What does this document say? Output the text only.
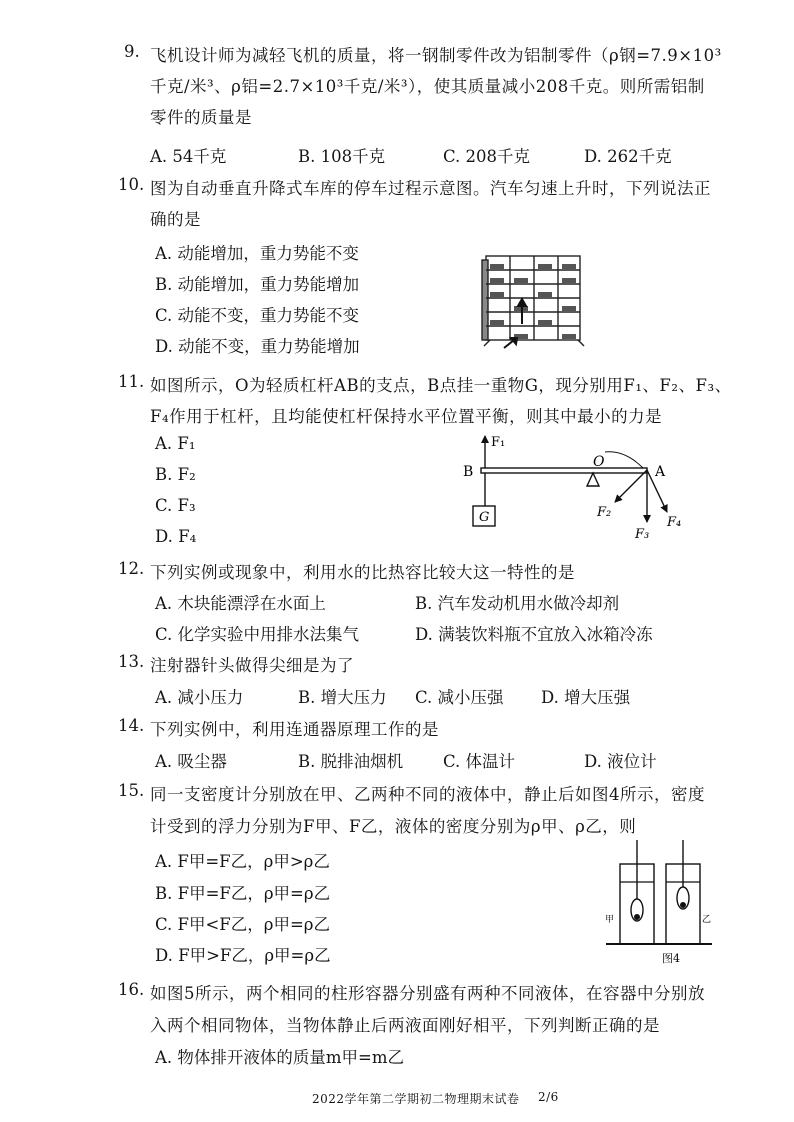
9. 飞机设计师为减轻飞机的质量，将一钢制零件改为铝制零件（ρ钢=7.9×10³
千克/米³、ρ铝=2.7×10³千克/米³），使其质量减小208千克。则所需铝制
零件的质量是
A. 54千克	B. 108千克	C. 208千克	D. 262千克
10. 图为自动垂直升降式车库的停车过程示意图。汽车匀速上升时，下列说法正
确的是
A. 动能增加，重力势能不变
B. 动能增加，重力势能增加
C. 动能不变，重力势能不变
D. 动能不变，重力势能增加
11. 如图所示，O为轻质杠杆AB的支点，B点挂一重物G，现分别用F₁、F₂、F₃、
F₄作用于杠杆，且均能使杠杆保持水平位置平衡，则其中最小的力是
A. F₁
B. F₂
C. F₃
D. F₄
F₁
B	A
O
G	F₂
F₃
F₄
12. 下列实例或现象中，利用水的比热容比较大这一特性的是
A. 木块能漂浮在水面上	B. 汽车发动机用水做冷却剂
C. 化学实验中用排水法集气	D. 满装饮料瓶不宜放入冰箱冷冻
13. 注射器针头做得尖细是为了
A. 减小压力	B. 增大压力 C. 减小压强 D. 增大压强
14. 下列实例中，利用连通器原理工作的是
A. 吸尘器	B. 脱排油烟机 C. 体温计	D. 液位计
15. 同一支密度计分别放在甲、乙两种不同的液体中，静止后如图4所示，密度
计受到的浮力分别为F甲、F乙，液体的密度分别为ρ甲、ρ乙，则
A. F甲=F乙，ρ甲>ρ乙
B. F甲=F乙，ρ甲=ρ乙
C. F甲<F乙，ρ甲=ρ乙
D. F甲>F乙，ρ甲=ρ乙
甲	乙
图4
16. 如图5所示，两个相同的柱形容器分别盛有两种不同液体，在容器中分别放
入两个相同物体，当物体静止后两液面刚好相平，下列判断正确的是
A. 物体排开液体的质量m甲=m乙
2022学年第二学期初二物理期末试卷 2/6
